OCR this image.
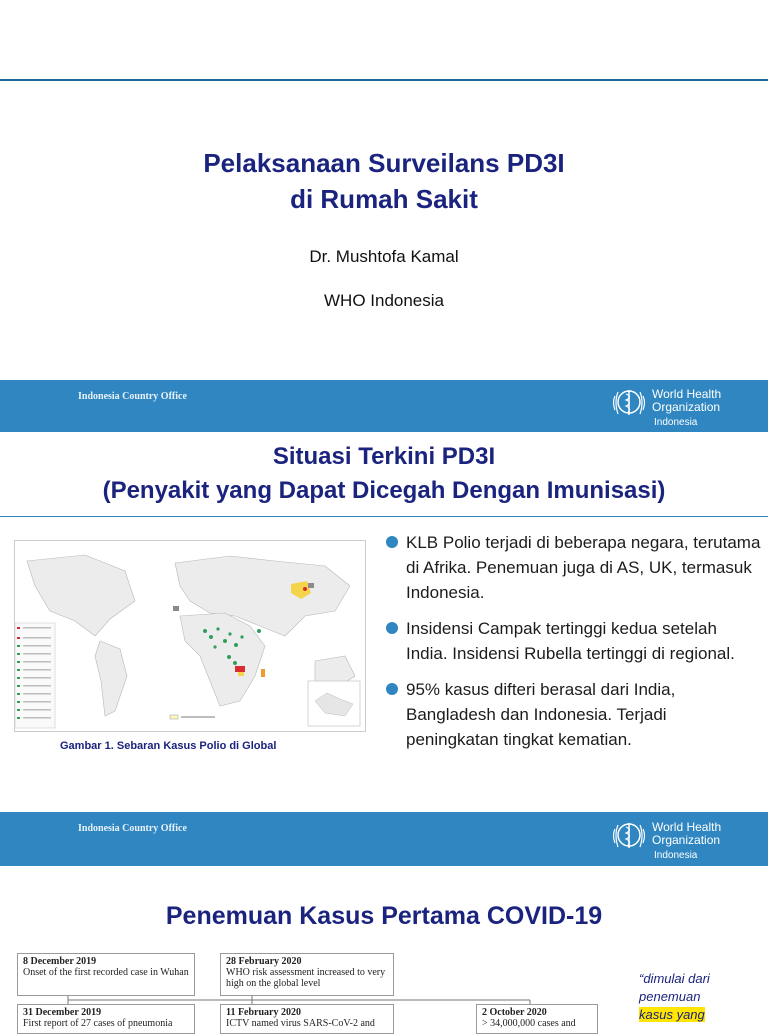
Pelaksanaan Surveilans PD3I
di Rumah Sakit
Dr. Mushtofa Kamal
WHO Indonesia
Indonesia Country Office	World Health
Organization
Indonesia
Situasi Terkini PD3I
(Penyakit yang Dapat Dicegah Dengan Imunisasi)
Gambar 1. Sebaran Kasus Polio di Global
KLB Polio terjadi di beberapa negara, terutama di Afrika. Penemuan juga di AS, UK, termasuk Indonesia.
Insidensi Campak tertinggi kedua setelah India. Insidensi Rubella tertinggi di regional.
95% kasus difteri berasal dari India, Bangladesh dan Indonesia. Terjadi peningkatan tingkat kematian.
Indonesia Country Office	World Health
Organization
Indonesia
Penemuan Kasus Pertama COVID-19
8 December 2019
Onset of the first recorded case in Wuhan
28 February 2020
WHO risk assessment increased to very high on the global level
31 December 2019
First report of 27 cases of pneumonia
11 February 2020
ICTV named virus SARS-CoV-2 and
2 October 2020
> 34,000,000 cases and
“dimulai dari
penemuan
kasus yang
